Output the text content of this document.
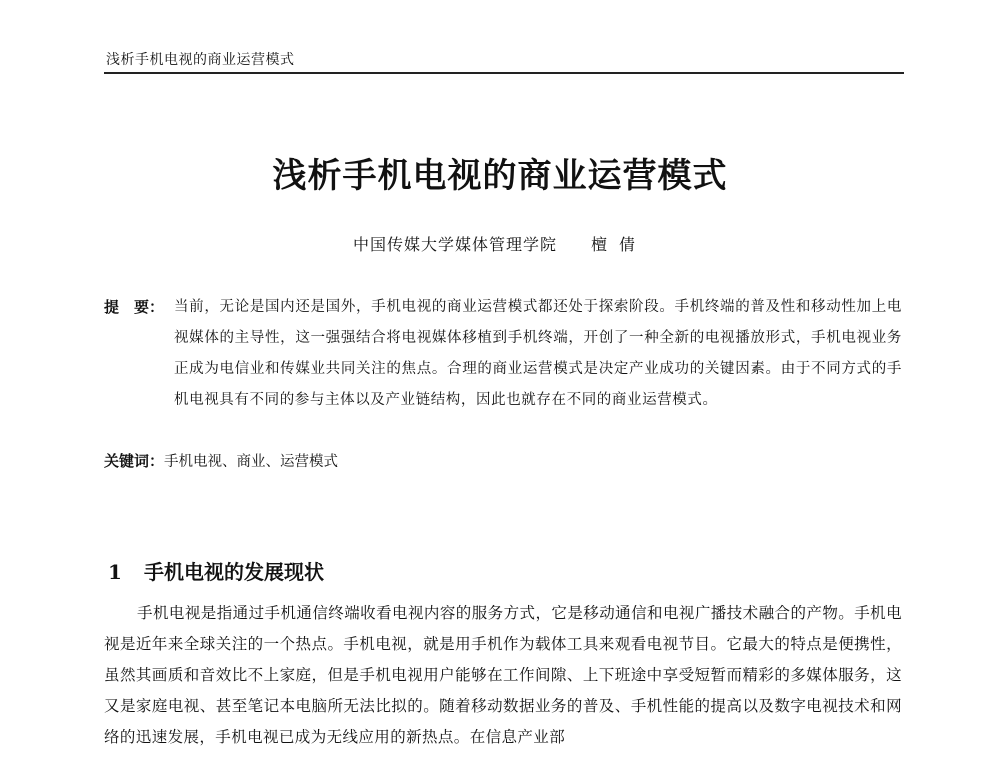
浅析手机电视的商业运营模式
浅析手机电视的商业运营模式
中国传媒大学媒体管理学院 檀倩
提　要： 当前，无论是国内还是国外，手机电视的商业运营模式都还处于探索阶段。手机终端的普及性和移动性加上电视媒体的主导性，这一强强结合将电视媒体移植到手机终端，开创了一种全新的电视播放形式，手机电视业务正成为电信业和传媒业共同关注的焦点。合理的商业运营模式是决定产业成功的关键因素。由于不同方式的手机电视具有不同的参与主体以及产业链结构，因此也就存在不同的商业运营模式。
关键词：手机电视、商业、运营模式
1 手机电视的发展现状

手机电视是指通过手机通信终端收看电视内容的服务方式，它是移动通信和电视广播技术融合的产物。手机电视是近年来全球关注的一个热点。手机电视，就是用手机作为载体工具来观看电视节目。它最大的特点是便携性，虽然其画质和音效比不上家庭，但是手机电视用户能够在工作间隙、上下班途中享受短暂而精彩的多媒体服务，这又是家庭电视、甚至笔记本电脑所无法比拟的。随着移动数据业务的普及、手机性能的提高以及数字电视技术和网络的迅速发展，手机电视已成为无线应用的新热点。在信息产业部
